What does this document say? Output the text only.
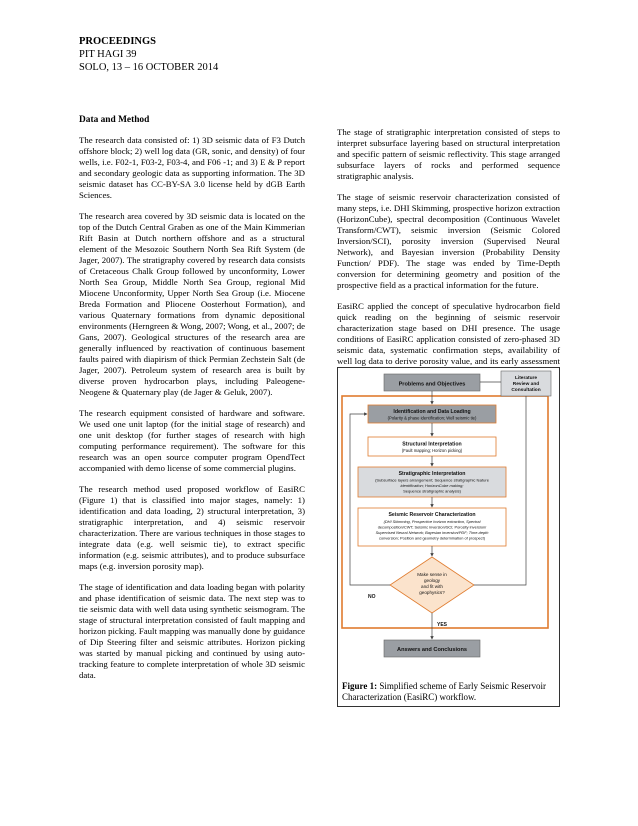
PROCEEDINGS
PIT HAGI 39
SOLO, 13 – 16 OCTOBER 2014
Data and Method

The research data consisted of: 1) 3D seismic data of F3 Dutch offshore block; 2) well log data (GR, sonic, and density) of four wells, i.e. F02-1, F03-2, F03-4, and F06 -1; and 3) E & P report and secondary geologic data as supporting information. The 3D seismic dataset has CC-BY-SA 3.0 license held by dGB Earth Sciences.

The research area covered by 3D seismic data is located on the top of the Dutch Central Graben as one of the Main Kimmerian Rift Basin at Dutch northern offshore and as a structural element of the Mesozoic Southern North Sea Rift System (de Jager, 2007). The stratigraphy covered by research data consists of Cretaceous Chalk Group followed by unconformity, Lower North Sea Group, Middle North Sea Group, regional Mid Miocene Unconformity, Upper North Sea Group (i.e. Miocene Breda Formation and Pliocene Oosterhout Formation), and various Quaternary formations from dynamic depositional environments (Herngreen & Wong, 2007; Wong, et al., 2007; de Gans, 2007). Geological structures of the research area are generally influenced by reactivation of continuous basement faults paired with diapirism of thick Permian Zechstein Salt (de Jager, 2007). Petroleum system of research area is built by diverse proven hydrocarbon plays, including Paleogene-Neogene & Quaternary play (de Jager & Geluk, 2007).

The research equipment consisted of hardware and software. We used one unit laptop (for the initial stage of research) and one unit desktop (for further stages of research with high computing performance requirement). The software for this research was an open source computer program OpendTect accompanied with demo license of some commercial plugins.

The research method used proposed workflow of EasiRC (Figure 1) that is classified into major stages, namely: 1) identification and data loading, 2) structural interpretation, 3) stratigraphic interpretation, and 4) seismic reservoir characterization. There are various techniques in those stages to integrate data (e.g. well seismic tie), to extract specific information (e.g. seismic attributes), and to produce subsurface maps (e.g. inversion porosity map).

The stage of identification and data loading began with polarity and phase identification of seismic data. The next step was to tie seismic data with well data using synthetic seismogram. The stage of structural interpretation consisted of fault mapping and horizon picking. Fault mapping was manually done by guidance of Dip Steering filter and seismic attributes. Horizon picking was started by manual picking and continued by using auto-tracking feature to complete interpretation of whole 3D seismic data.

The stage of stratigraphic interpretation consisted of steps to interpret subsurface layering based on structural interpretation and specific pattern of seismic reflectivity. This stage arranged subsurface layers of rocks and performed sequence stratigraphic analysis.

The stage of seismic reservoir characterization consisted of many steps, i.e. DHI Skimming, prospective horizon extraction (HorizonCube), spectral decomposition (Continuous Wavelet Transform/CWT), seismic inversion (Seismic Colored Inversion/SCI), porosity inversion (Supervised Neural Network), and Bayesian inversion (Probability Density Function/ PDF). The stage was ended by Time-Depth conversion for determining geometry and position of the prospective field as a practical information for the future.

EasiRC applied the concept of speculative hydrocarbon field quick reading on the beginning of seismic reservoir characterization stage based on DHI presence. The usage conditions of EasiRC application consisted of zero-phased 3D seismic data, systematic confirmation steps, availability of well log data to derive porosity value, and its early assessment

Problems and Objectives
Literature
Review and
Consultation
Identification and Data Loading
(Polarity & phase identification; Well seismic tie)
Structural Interpretation
(Fault mapping; Horizon picking)
Stratigraphic Interpretation
(Subsurface layers arrangement; Sequence stratigraphic feature
identification; HorizonCube making;
Sequence stratigraphic analysis)
Seismic Reservoir Characterization
(DHI Skimming, Prospective horizon extraction, Spectral
decomposition/CWT; Seismic inversion/SCI; Porosity inversion/
Supervised Neural Network; Bayesian inversion/PDF; Time-depth
conversion; Position and geometry determination of prospect)
Make sense in
geology
and fit with
geophysics?
NO
YES
Answers and Conclusions
Figure 1: Simplified scheme of Early Seismic Reservoir Characterization (EasiRC) workflow.
